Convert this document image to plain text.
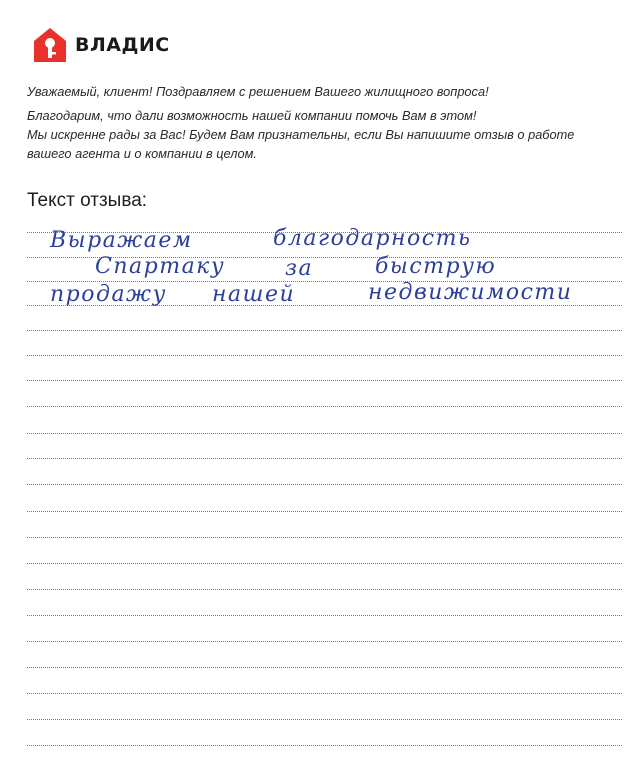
ВЛАДИС

Уважаемый, клиент! Поздравляем с решением Вашего жилищного вопроса!

Благодарим, что дали возможность нашей компании помочь Вам в этом!

Мы искренне рады за Вас! Будем Вам признательны, если Вы напишите отзыв о работе вашего агента и о компании в целом.

Текст отзыва:
Выражаем	благодарность
Спартаку	за	быструю
продажу нашей	недвижимости
